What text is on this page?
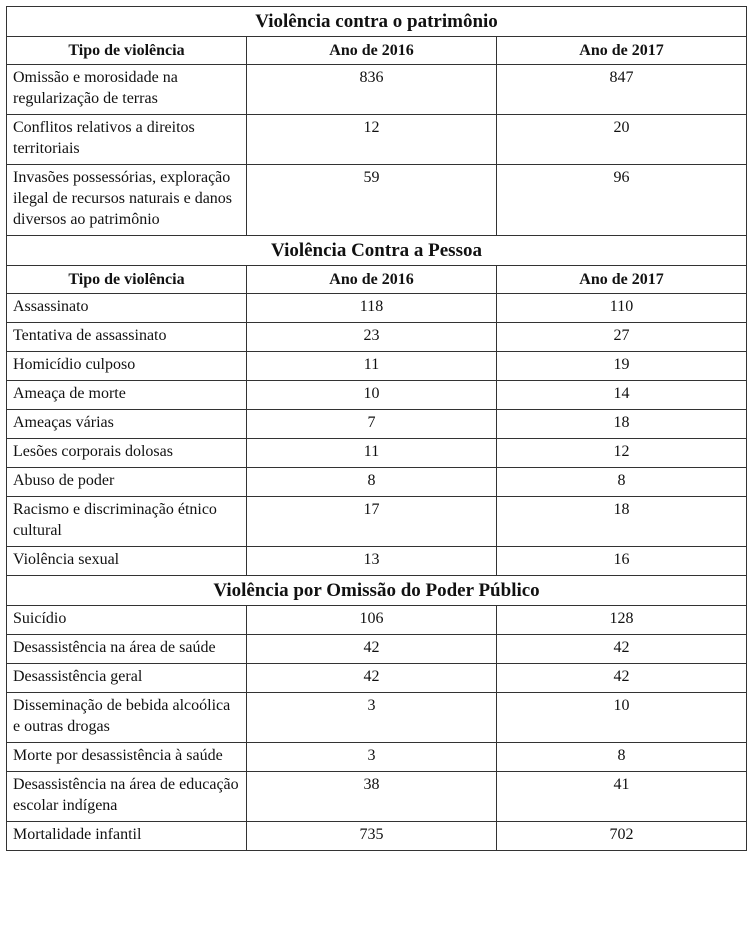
Violência contra o patrimônio		
Tipo de violência	Ano de 2016	Ano de 2017
Omissão e morosidade na regularização de terras	836	847
Conflitos relativos a direitos territoriais	12	20
Invasões possessórias, exploração ilegal de recursos naturais e danos diversos ao patrimônio	59	96
Violência Contra a Pessoa		
Tipo de violência	Ano de 2016	Ano de 2017
Assassinato	118	110
Tentativa de assassinato	23	27
Homicídio culposo	11	19
Ameaça de morte	10	14
Ameaças várias	7	18
Lesões corporais dolosas	11	12
Abuso de poder	8	8
Racismo e discriminação étnico cultural	17	18
Violência sexual	13	16
Violência por Omissão do Poder Público		
Suicídio	106	128
Desassistência na área de saúde	42	42
Desassistência geral	42	42
Disseminação de bebida alcoólica e outras drogas	3	10
Morte por desassistência à saúde	3	8
Desassistência na área de educação escolar indígena	38	41
Mortalidade infantil	735	702
